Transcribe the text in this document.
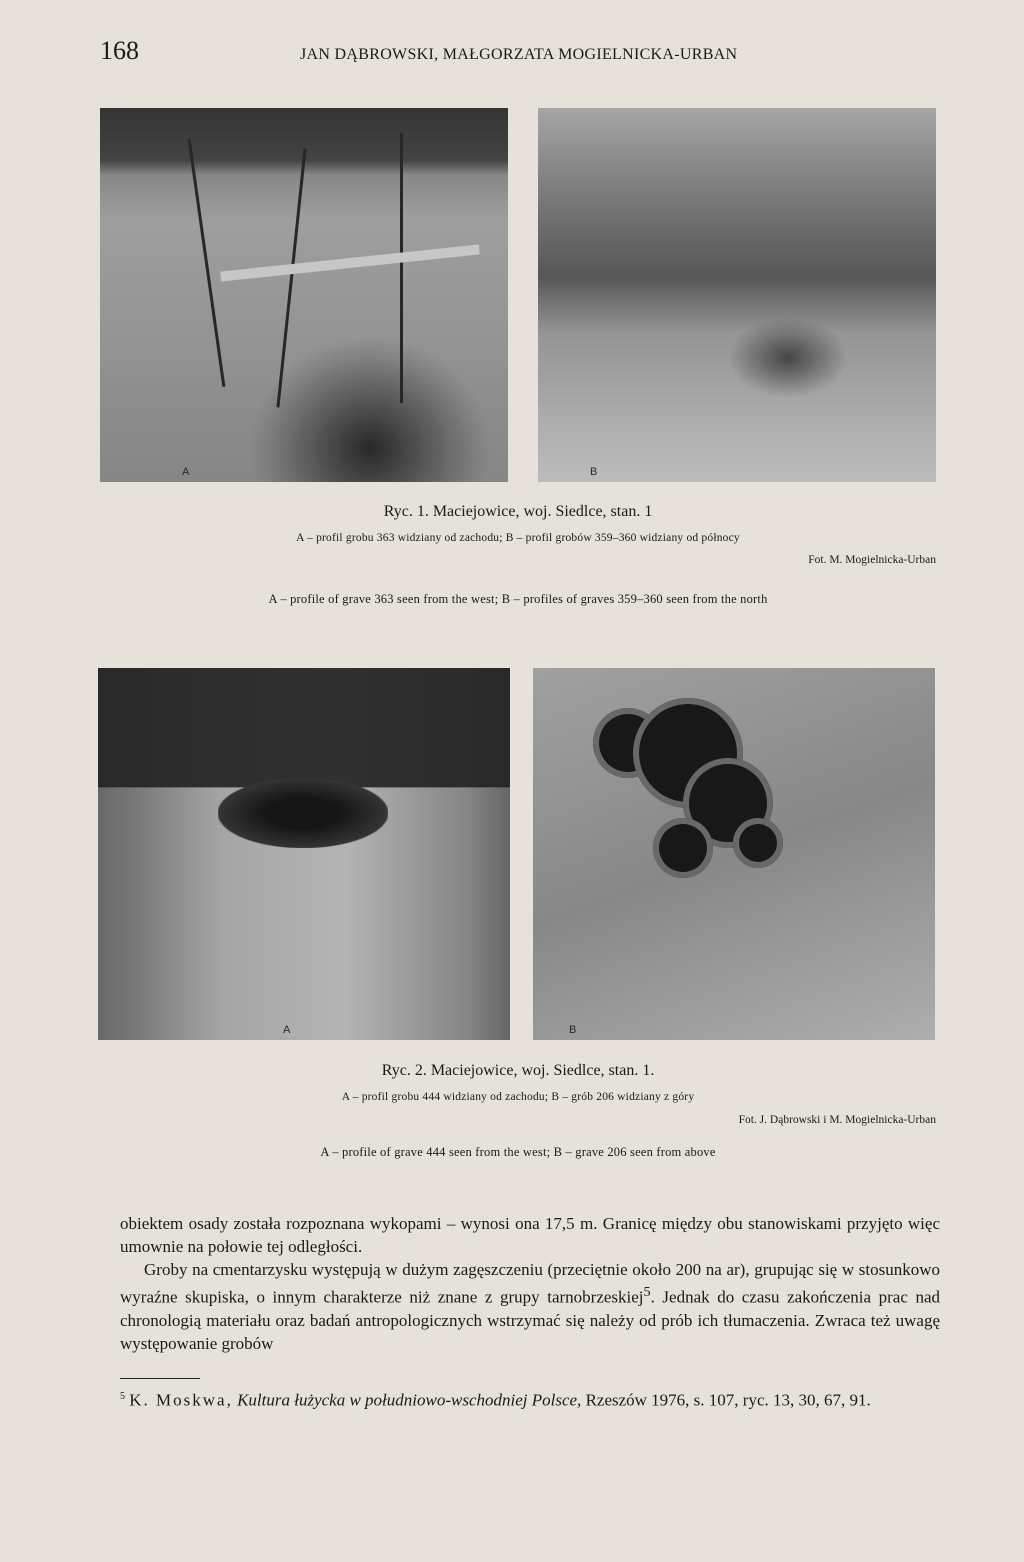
168	JAN DĄBROWSKI, MAŁGORZATA MOGIELNICKA-URBAN
A	B
Ryc. 1. Maciejowice, woj. Siedlce, stan. 1
A – profil grobu 363 widziany od zachodu; B – profil grobów 359–360 widziany od północy
Fot. M. Mogielnicka-Urban
A – profile of grave 363 seen from the west; B – profiles of graves 359–360 seen from the north
A	B
Ryc. 2. Maciejowice, woj. Siedlce, stan. 1.
A – profil grobu 444 widziany od zachodu; B – grób 206 widziany z góry
Fot. J. Dąbrowski i M. Mogielnicka-Urban
A – profile of grave 444 seen from the west; B – grave 206 seen from above

obiektem osady została rozpoznana wykopami – wynosi ona 17,5 m. Granicę między obu stanowiskami przyjęto więc umownie na połowie tej odległości.

Groby na cmentarzysku występują w dużym zagęszczeniu (przeciętnie około 200 na ar), grupując się w stosunkowo wyraźne skupiska, o innym charakterze niż znane z grupy tarnobrzeskiej$^5$. Jednak do czasu zakończenia prac nad chronologią materiału oraz badań antropologicznych wstrzymać się należy od prób ich tłumaczenia. Zwraca też uwagę występowanie grobów

$^5$ K. Moskwa, Kultura łużycka w południowo-wschodniej Polsce, Rzeszów 1976, s. 107, ryc. 13, 30, 67, 91.
